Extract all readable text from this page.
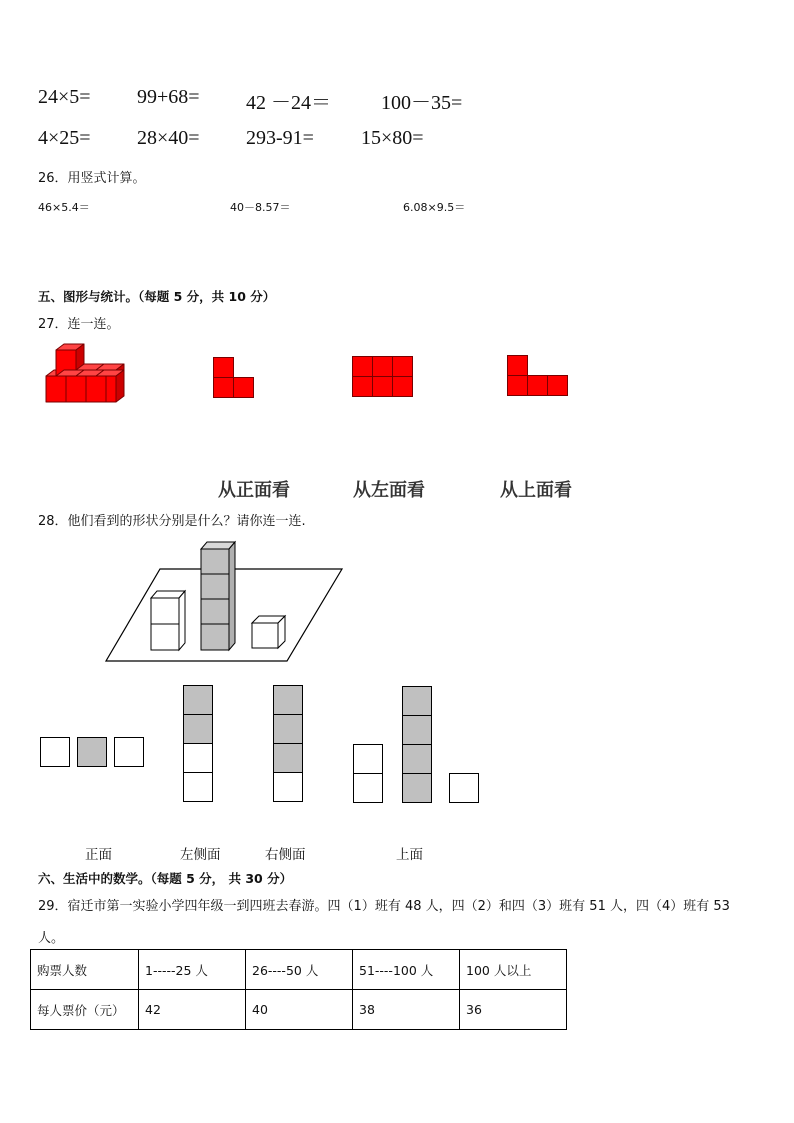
24×5= 99+68= 42 －24＝	100－35=
4×25= 28×40= 293-91= 15×80=
26．用竖式计算。
46×5.4＝	40－8.57＝	6.08×9.5＝
五、图形与统计。（每题 5 分，共 10 分）
27．连一连。
从正面看	从左面看	从上面看
28．他们看到的形状分别是什么？请你连一连.
正面	左侧面	右侧面	上面
六、生活中的数学。（每题 5 分， 共 30 分）
29．宿迁市第一实验小学四年级一到四班去春游。四（1）班有 48 人，四（2）和四（3）班有 51 人，四（4）班有 53
人。
购票人数	1-----25 人	26----50 人	51----100 人	100 人以上
每人票价（元）	42	40	38	36
